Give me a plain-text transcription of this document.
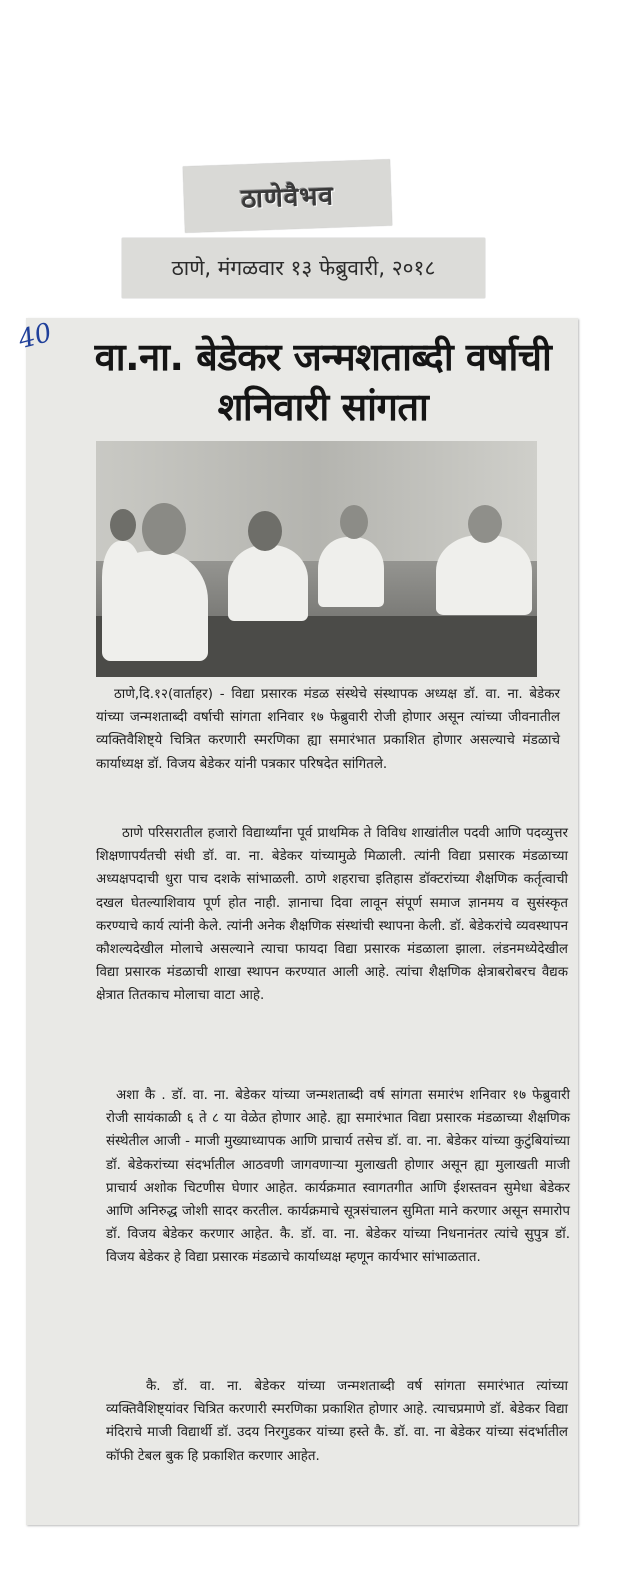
ठाणेवैभव
ठाणे, मंगळवार १३ फेब्रुवारी, २०१८
40	वा.ना. बेडेकर जन्मशताब्दी वर्षाची शनिवारी सांगता

ठाणे,दि.१२(वार्ताहर) - विद्या प्रसारक मंडळ संस्थेचे संस्थापक अध्यक्ष डॉ. वा. ना. बेडेकर यांच्या जन्मशताब्दी वर्षाची सांगता शनिवार १७ फेब्रुवारी रोजी होणार असून त्यांच्या जीवनातील व्यक्तिवैशिष्ट्ये चित्रित करणारी स्मरणिका ह्या समारंभात प्रकाशित होणार असल्याचे मंडळाचे कार्याध्यक्ष डॉ. विजय बेडेकर यांनी पत्रकार परिषदेत सांगितले.

ठाणे परिसरातील हजारो विद्यार्थ्यांना पूर्व प्राथमिक ते विविध शाखांतील पदवी आणि पदव्युत्तर शिक्षणापर्यंतची संधी डॉ. वा. ना. बेडेकर यांच्यामुळे मिळाली. त्यांनी विद्या प्रसारक मंडळाच्या अध्यक्षपदाची धुरा पाच दशके सांभाळली. ठाणे शहराचा इतिहास डॉक्टरांच्या शैक्षणिक कर्तृत्वाची दखल घेतल्याशिवाय पूर्ण होत नाही. ज्ञानाचा दिवा लावून संपूर्ण समाज ज्ञानमय व सुसंस्कृत करण्याचे कार्य त्यांनी केले. त्यांनी अनेक शैक्षणिक संस्थांची स्थापना केली. डॉ. बेडेकरांचे व्यवस्थापन कौशल्यदेखील मोलाचे असल्याने त्याचा फायदा विद्या प्रसारक मंडळाला झाला. लंडनमध्येदेखील विद्या प्रसारक मंडळाची शाखा स्थापन करण्यात आली आहे. त्यांचा शैक्षणिक क्षेत्राबरोबरच वैद्यक क्षेत्रात तितकाच मोलाचा वाटा आहे.

अशा कै . डॉ. वा. ना. बेडेकर यांच्या जन्मशताब्दी वर्ष सांगता समारंभ शनिवार १७ फेब्रुवारी रोजी सायंकाळी ६ ते ८ या वेळेत होणार आहे. ह्या समारंभात विद्या प्रसारक मंडळाच्या शैक्षणिक संस्थेतील आजी - माजी मुख्याध्यापक आणि प्राचार्य तसेच डॉ. वा. ना. बेडेकर यांच्या कुटुंबियांच्या डॉ. बेडेकरांच्या संदर्भातील आठवणी जागवणाऱ्या मुलाखती होणार असून ह्या मुलाखती माजी प्राचार्य अशोक चिटणीस घेणार आहेत. कार्यक्रमात स्वागतगीत आणि ईशस्तवन सुमेधा बेडेकर आणि अनिरुद्ध जोशी सादर करतील. कार्यक्रमाचे सूत्रसंचालन सुमिता माने करणार असून समारोप डॉ. विजय बेडेकर करणार आहेत. कै. डॉ. वा. ना. बेडेकर यांच्या निधनानंतर त्यांचे सुपुत्र डॉ. विजय बेडेकर हे विद्या प्रसारक मंडळाचे कार्याध्यक्ष म्हणून कार्यभार सांभाळतात.

कै. डॉ. वा. ना. बेडेकर यांच्या जन्मशताब्दी वर्ष सांगता समारंभात त्यांच्या व्यक्तिवैशिष्ट्यांवर चित्रित करणारी स्मरणिका प्रकाशित होणार आहे. त्याचप्रमाणे डॉ. बेडेकर विद्या मंदिराचे माजी विद्यार्थी डॉ. उदय निरगुडकर यांच्या हस्ते कै. डॉ. वा. ना बेडेकर यांच्या संदर्भातील कॉफी टेबल बुक हि प्रकाशित करणार आहेत.
